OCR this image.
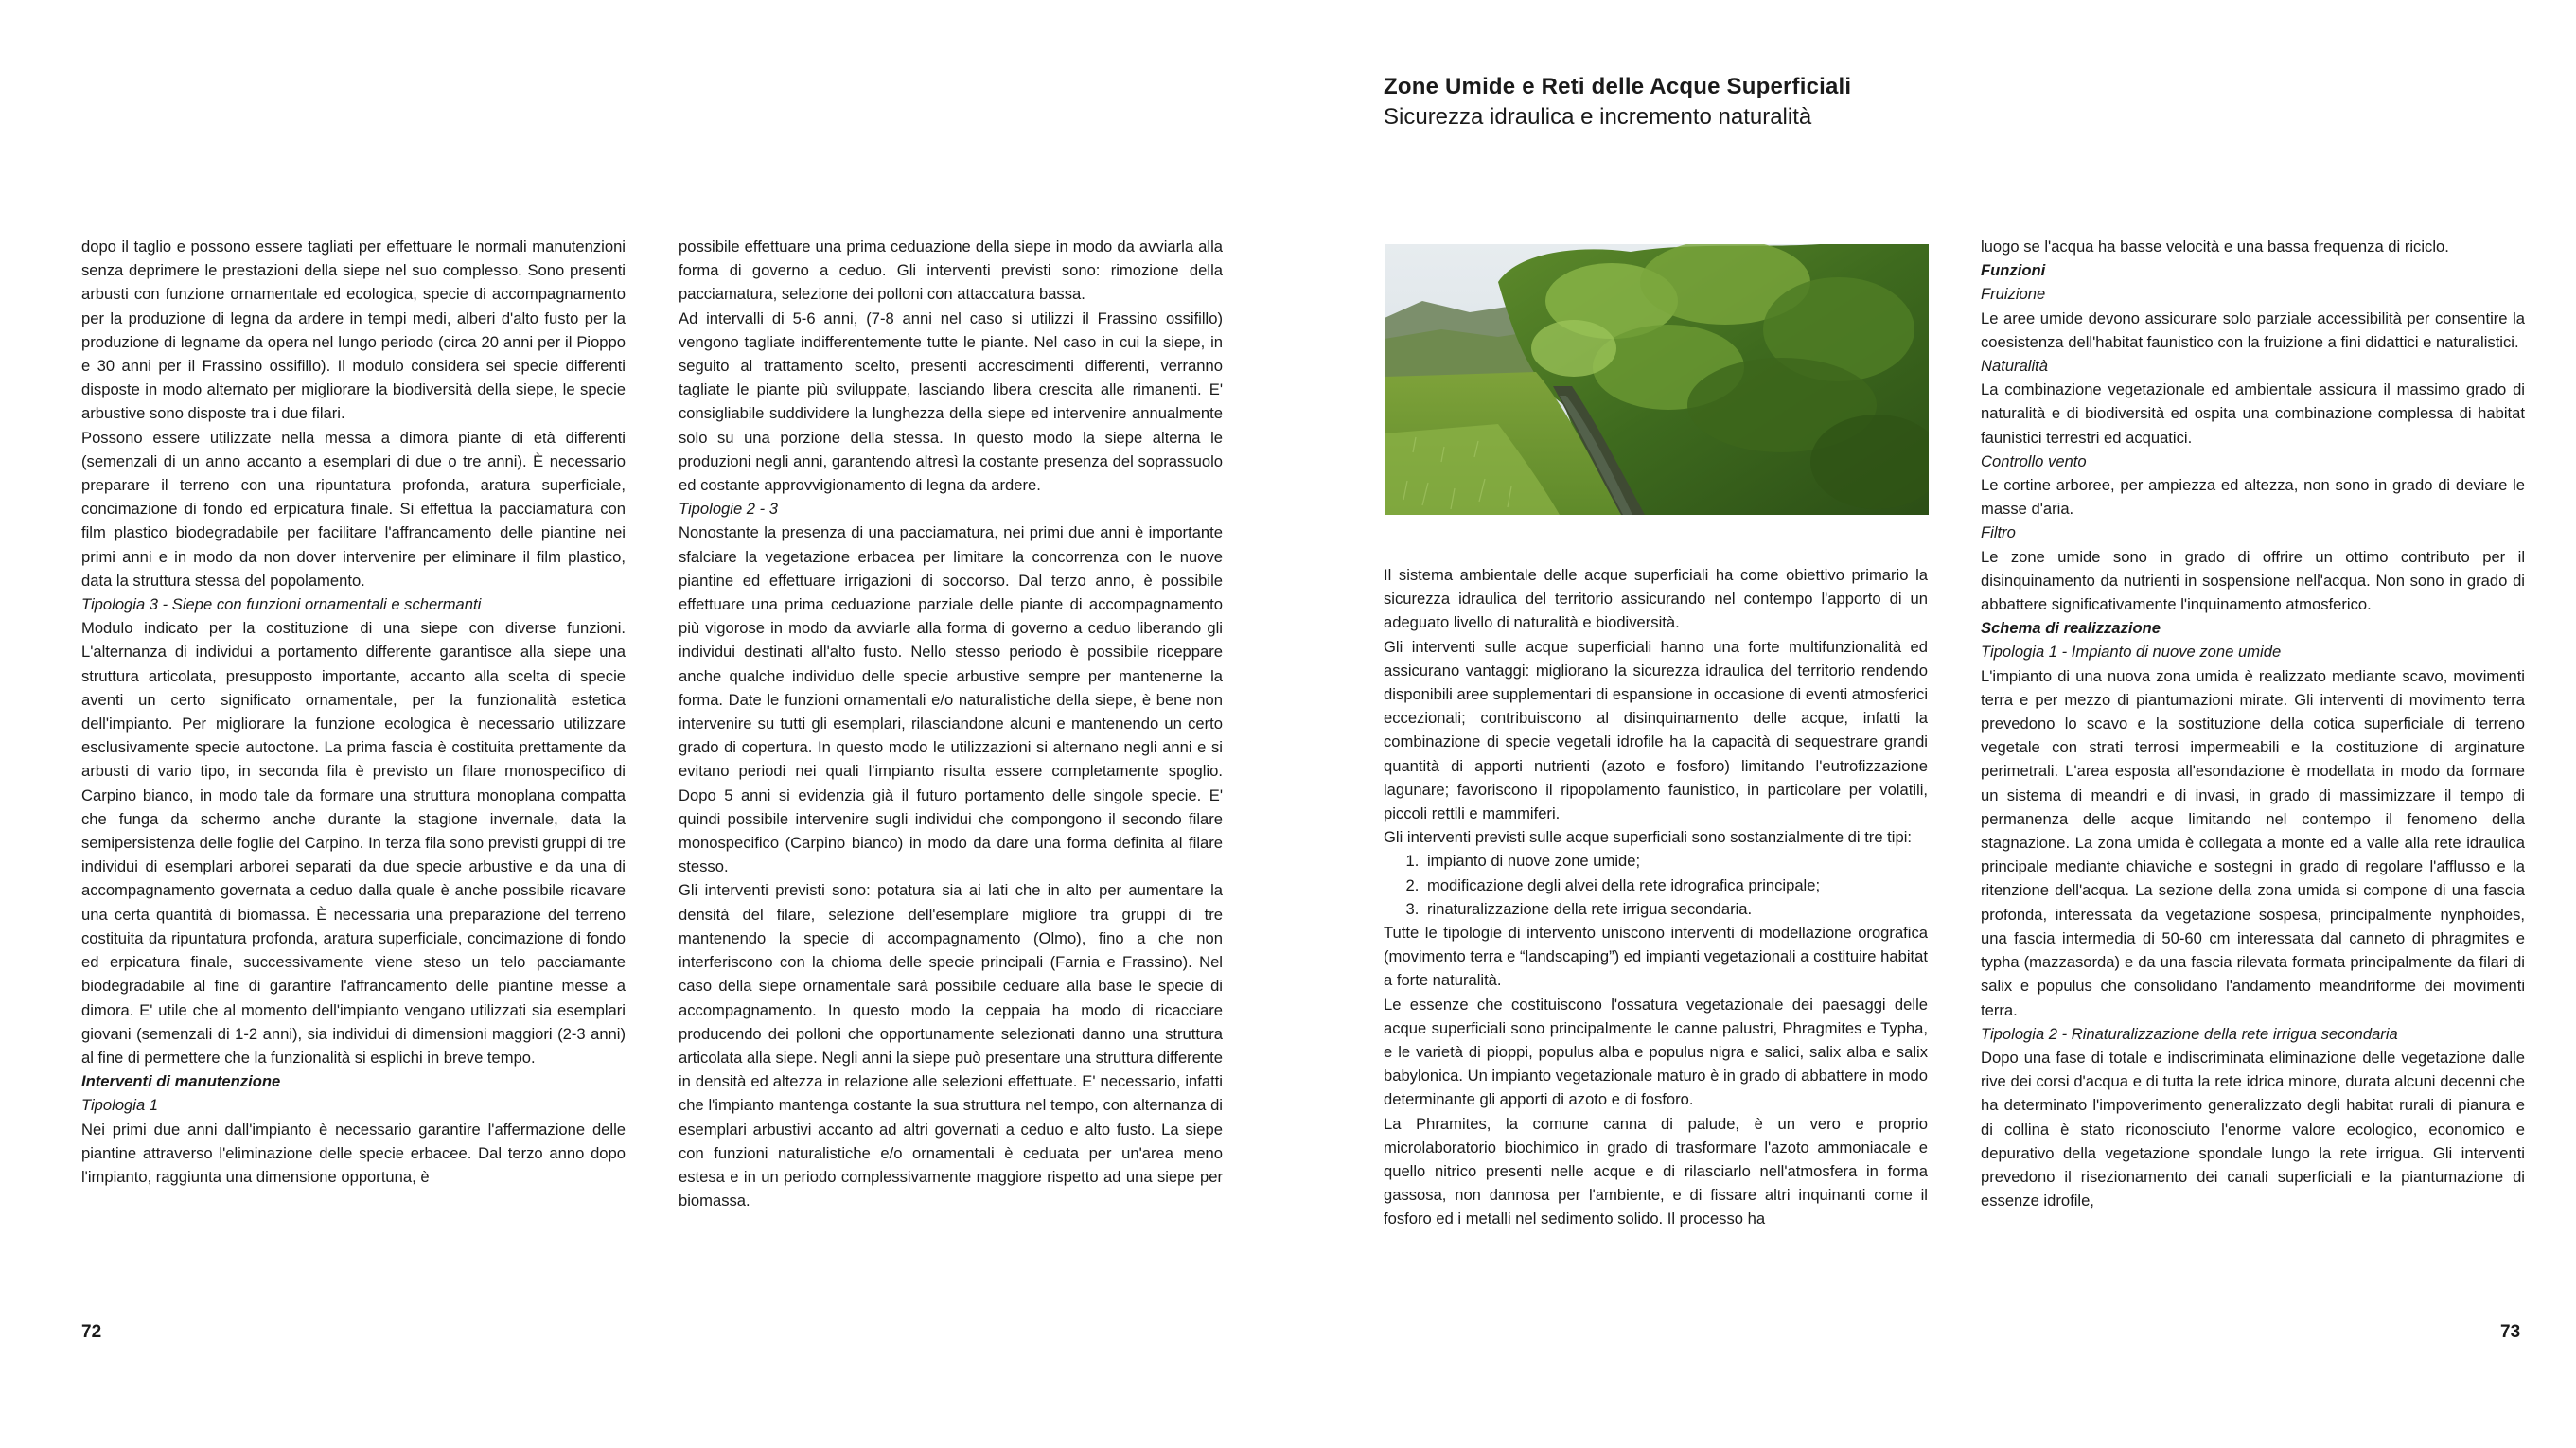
Zone Umide e Reti delle Acque Superficiali
Sicurezza idraulica e incremento naturalità

dopo il taglio e possono essere tagliati per effettuare le normali manutenzioni senza deprimere le prestazioni della siepe nel suo complesso. Sono presenti arbusti con funzione ornamentale ed ecologica, specie di accompagnamento per la produzione di legna da ardere in tempi medi, alberi d'alto fusto per la produzione di legname da opera nel lungo periodo (circa 20 anni per il Pioppo e 30 anni per il Frassino ossifillo). Il modulo considera sei specie differenti disposte in modo alternato per migliorare la biodiversità della siepe, le specie arbustive sono disposte tra i due filari.

Possono essere utilizzate nella messa a dimora piante di età differenti (semenzali di un anno accanto a esemplari di due o tre anni). È necessario preparare il terreno con una ripuntatura profonda, aratura superficiale, concimazione di fondo ed erpicatura finale. Si effettua la pacciamatura con film plastico biodegradabile per facilitare l'affrancamento delle piantine nei primi anni e in modo da non dover intervenire per eliminare il film plastico, data la struttura stessa del popolamento.

Tipologia 3 - Siepe con funzioni ornamentali e schermanti

Modulo indicato per la costituzione di una siepe con diverse funzioni. L'alternanza di individui a portamento differente garantisce alla siepe una struttura articolata, presupposto importante, accanto alla scelta di specie aventi un certo significato ornamentale, per la funzionalità estetica dell'impianto. Per migliorare la funzione ecologica è necessario utilizzare esclusivamente specie autoctone. La prima fascia è costituita prettamente da arbusti di vario tipo, in seconda fila è previsto un filare monospecifico di Carpino bianco, in modo tale da formare una struttura monoplana compatta che funga da schermo anche durante la stagione invernale, data la semipersistenza delle foglie del Carpino. In terza fila sono previsti gruppi di tre individui di esemplari arborei separati da due specie arbustive e da una di accompagnamento governata a ceduo dalla quale è anche possibile ricavare una certa quantità di biomassa. È necessaria una preparazione del terreno costituita da ripuntatura profonda, aratura superficiale, concimazione di fondo ed erpicatura finale, successivamente viene steso un telo pacciamante biodegradabile al fine di garantire l'affrancamento delle piantine messe a dimora. E' utile che al momento dell'impianto vengano utilizzati sia esemplari giovani (semenzali di 1-2 anni), sia individui di dimensioni maggiori (2-3 anni) al fine di permettere che la funzionalità si esplichi in breve tempo.

Interventi di manutenzione

Tipologia 1

Nei primi due anni dall'impianto è necessario garantire l'affermazione delle piantine attraverso l'eliminazione delle specie erbacee. Dal terzo anno dopo l'impianto, raggiunta una dimensione opportuna, è

possibile effettuare una prima ceduazione della siepe in modo da avviarla alla forma di governo a ceduo. Gli interventi previsti sono: rimozione della pacciamatura, selezione dei polloni con attaccatura bassa.

Ad intervalli di 5-6 anni, (7-8 anni nel caso si utilizzi il Frassino ossifillo) vengono tagliate indifferentemente tutte le piante. Nel caso in cui la siepe, in seguito al trattamento scelto, presenti accrescimenti differenti, verranno tagliate le piante più sviluppate, lasciando libera crescita alle rimanenti. E' consigliabile suddividere la lunghezza della siepe ed intervenire annualmente solo su una porzione della stessa. In questo modo la siepe alterna le produzioni negli anni, garantendo altresì la costante presenza del soprassuolo ed costante approvvigionamento di legna da ardere.

Tipologie 2 - 3

Nonostante la presenza di una pacciamatura, nei primi due anni è importante sfalciare la vegetazione erbacea per limitare la concorrenza con le nuove piantine ed effettuare irrigazioni di soccorso. Dal terzo anno, è possibile effettuare una prima ceduazione parziale delle piante di accompagnamento più vigorose in modo da avviarle alla forma di governo a ceduo liberando gli individui destinati all'alto fusto. Nello stesso periodo è possibile riceppare anche qualche individuo delle specie arbustive sempre per mantenerne la forma. Date le funzioni ornamentali e/o naturalistiche della siepe, è bene non intervenire su tutti gli esemplari, rilasciandone alcuni e mantenendo un certo grado di copertura. In questo modo le utilizzazioni si alternano negli anni e si evitano periodi nei quali l'impianto risulta essere completamente spoglio. Dopo 5 anni si evidenzia già il futuro portamento delle singole specie. E' quindi possibile intervenire sugli individui che compongono il secondo filare monospecifico (Carpino bianco) in modo da dare una forma definita al filare stesso.

Gli interventi previsti sono: potatura sia ai lati che in alto per aumentare la densità del filare, selezione dell'esemplare migliore tra gruppi di tre mantenendo la specie di accompagnamento (Olmo), fino a che non interferiscono con la chioma delle specie principali (Farnia e Frassino). Nel caso della siepe ornamentale sarà possibile ceduare alla base le specie di accompagnamento. In questo modo la ceppaia ha modo di ricacciare producendo dei polloni che opportunamente selezionati danno una struttura articolata alla siepe. Negli anni la siepe può presentare una struttura differente in densità ed altezza in relazione alle selezioni effettuate. E' necessario, infatti che l'impianto mantenga costante la sua struttura nel tempo, con alternanza di esemplari arbustivi accanto ad altri governati a ceduo e alto fusto. La siepe con funzioni naturalistiche e/o ornamentali è ceduata per un'area meno estesa e in un periodo complessivamente maggiore rispetto ad una siepe per biomassa.

Il sistema ambientale delle acque superficiali ha come obiettivo primario la sicurezza idraulica del territorio assicurando nel contempo l'apporto di un adeguato livello di naturalità e biodiversità.

Gli interventi sulle acque superficiali hanno una forte multifunzionalità ed assicurano vantaggi: migliorano la sicurezza idraulica del territorio rendendo disponibili aree supplementari di espansione in occasione di eventi atmosferici eccezionali; contribuiscono al disinquinamento delle acque, infatti la combinazione di specie vegetali idrofile ha la capacità di sequestrare grandi quantità di apporti nutrienti (azoto e fosforo) limitando l'eutrofizzazione lagunare; favoriscono il ripopolamento faunistico, in particolare per volatili, piccoli rettili e mammiferi.

Gli interventi previsti sulle acque superficiali sono sostanzialmente di tre tipi:

1. impianto di nuove zone umide;
2. modificazione degli alvei della rete idrografica principale;
3. rinaturalizzazione della rete irrigua secondaria.

Tutte le tipologie di intervento uniscono interventi di modellazione orografica (movimento terra e “landscaping”) ed impianti vegetazionali a costituire habitat a forte naturalità.

Le essenze che costituiscono l'ossatura vegetazionale dei paesaggi delle acque superficiali sono principalmente le canne palustri, Phragmites e Typha, e le varietà di pioppi, populus alba e populus nigra e salici, salix alba e salix babylonica. Un impianto vegetazionale maturo è in grado di abbattere in modo determinante gli apporti di azoto e di fosforo.

La Phramites, la comune canna di palude, è un vero e proprio microlaboratorio biochimico in grado di trasformare l'azoto ammoniacale e quello nitrico presenti nelle acque e di rilasciarlo nell'atmosfera in forma gassosa, non dannosa per l'ambiente, e di fissare altri inquinanti come il fosforo ed i metalli nel sedimento solido. Il processo ha

luogo se l'acqua ha basse velocità e una bassa frequenza di riciclo.

Funzioni

Fruizione

Le aree umide devono assicurare solo parziale accessibilità per consentire la coesistenza dell'habitat faunistico con la fruizione a fini didattici e naturalistici.

Naturalità

La combinazione vegetazionale ed ambientale assicura il massimo grado di naturalità e di biodiversità ed ospita una combinazione complessa di habitat faunistici terrestri ed acquatici.

Controllo vento

Le cortine arboree, per ampiezza ed altezza, non sono in grado di deviare le masse d'aria.

Filtro

Le zone umide sono in grado di offrire un ottimo contributo per il disinquinamento da nutrienti in sospensione nell'acqua. Non sono in grado di abbattere significativamente l'inquinamento atmosferico.

Schema di realizzazione

Tipologia 1 - Impianto di nuove zone umide

L'impianto di una nuova zona umida è realizzato mediante scavo, movimenti terra e per mezzo di piantumazioni mirate. Gli interventi di movimento terra prevedono lo scavo e la sostituzione della cotica superficiale di terreno vegetale con strati terrosi impermeabili e la costituzione di arginature perimetrali. L'area esposta all'esondazione è modellata in modo da formare un sistema di meandri e di invasi, in grado di massimizzare il tempo di permanenza delle acque limitando nel contempo il fenomeno della stagnazione. La zona umida è collegata a monte ed a valle alla rete idraulica principale mediante chiaviche e sostegni in grado di regolare l'afflusso e la ritenzione dell'acqua. La sezione della zona umida si compone di una fascia profonda, interessata da vegetazione sospesa, principalmente nynphoides, una fascia intermedia di 50-60 cm interessata dal canneto di phragmites e typha (mazzasorda) e da una fascia rilevata formata principalmente da filari di salix e populus che consolidano l'andamento meandriforme dei movimenti terra.

Tipologia 2 - Rinaturalizzazione della rete irrigua secondaria

Dopo una fase di totale e indiscriminata eliminazione delle vegetazione dalle rive dei corsi d'acqua e di tutta la rete idrica minore, durata alcuni decenni che ha determinato l'impoverimento generalizzato degli habitat rurali di pianura e di collina è stato riconosciuto l'enorme valore ecologico, economico e depurativo della vegetazione spondale lungo la rete irrigua. Gli interventi prevedono il risezionamento dei canali superficiali e la piantumazione di essenze idrofile,

72	73
